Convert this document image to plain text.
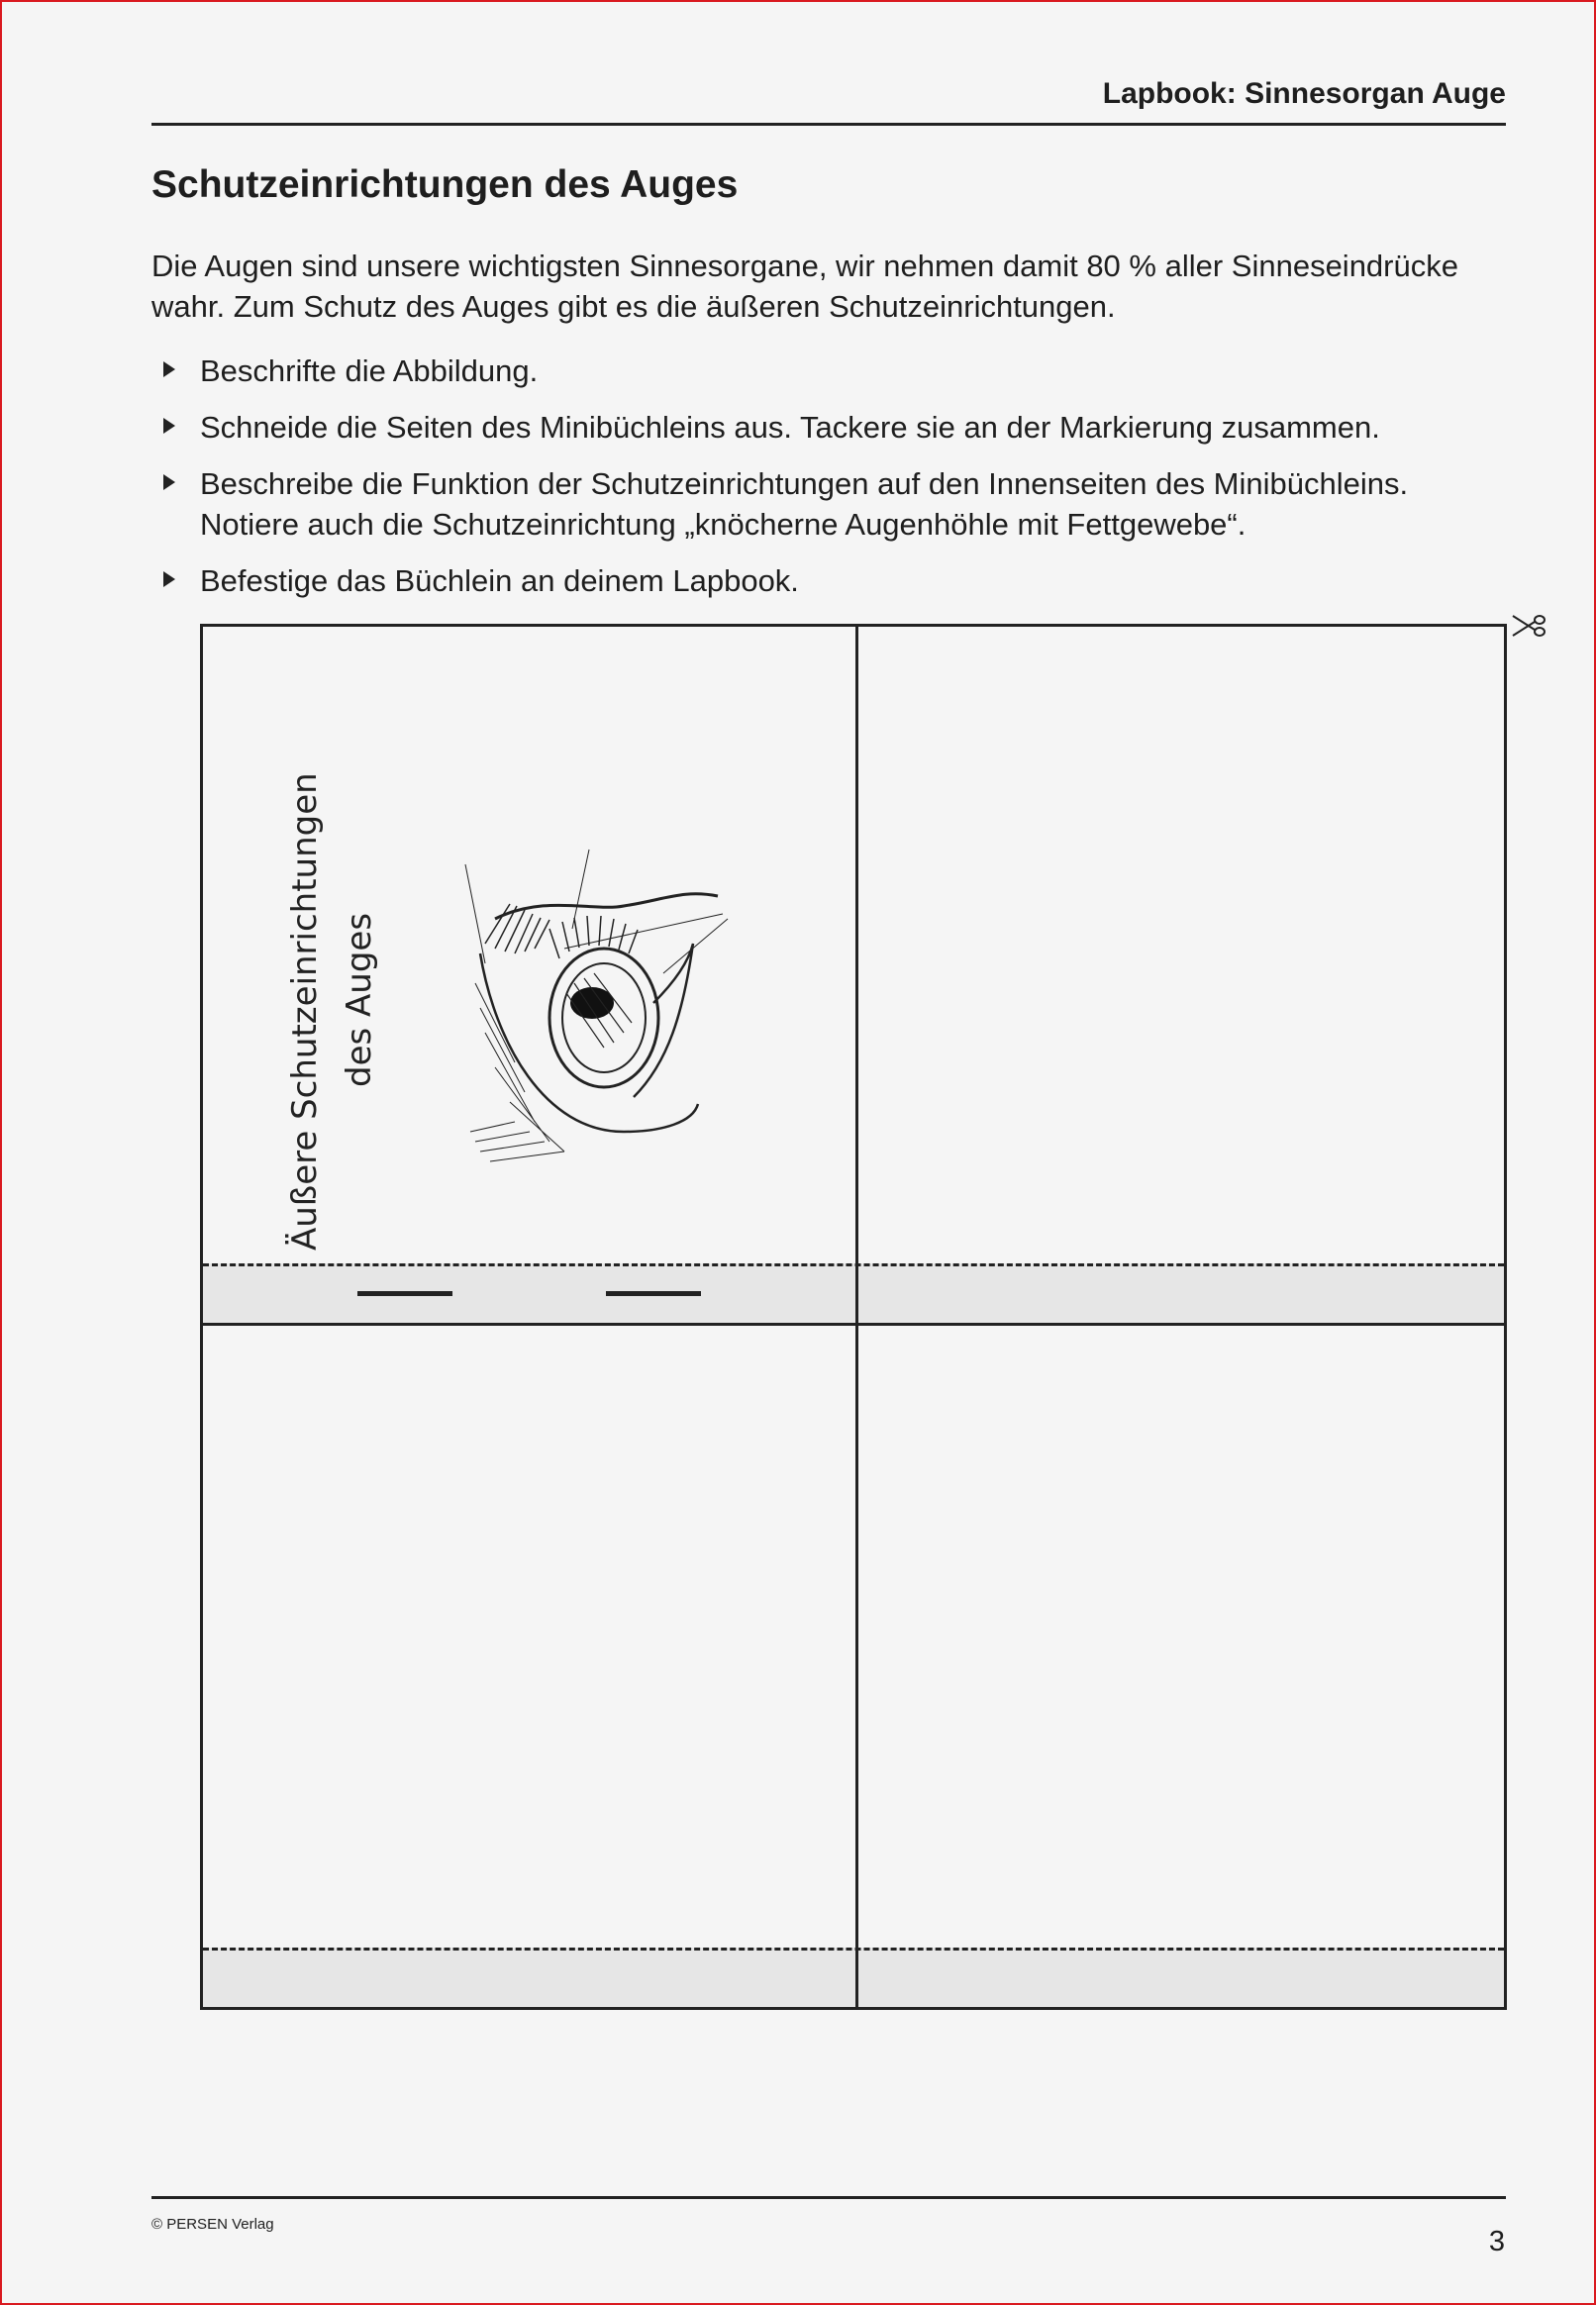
Lapbook: Sinnesorgan Auge
Schutzeinrichtungen des Auges
Die Augen sind unsere wichtigsten Sinnesorgane, wir nehmen damit 80 % aller Sinneseindrücke wahr. Zum Schutz des Auges gibt es die äußeren Schutzeinrichtungen.
Beschrifte die Abbildung.
Schneide die Seiten des Minibüchleins aus. Tackere sie an der Markierung zusammen.
Beschreibe die Funktion der Schutzeinrichtungen auf den Innenseiten des Minibüchleins. Notiere auch die Schutzeinrichtung „knöcherne Augenhöhle mit Fettgewebe“.
Befestige das Büchlein an deinem Lapbook.
Äußere Schutzeinrichtungen des Auges
© PERSEN Verlag
3
